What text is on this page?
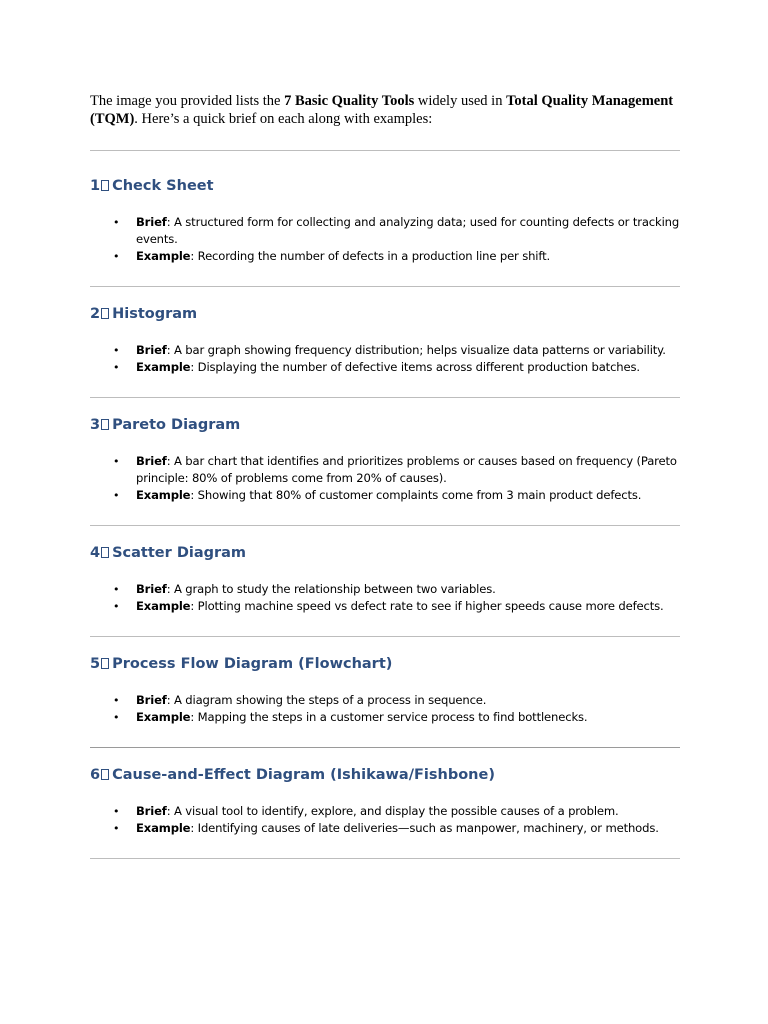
The image you provided lists the 7 Basic Quality Tools widely used in Total Quality Management (TQM). Here’s a quick brief on each along with examples:

1 Check Sheet
• Brief: A structured form for collecting and analyzing data; used for counting defects or tracking events.
• Example: Recording the number of defects in a production line per shift.
2 Histogram
• Brief: A bar graph showing frequency distribution; helps visualize data patterns or variability.
• Example: Displaying the number of defective items across different production batches.
3 Pareto Diagram
• Brief: A bar chart that identifies and prioritizes problems or causes based on frequency (Pareto principle: 80% of problems come from 20% of causes).
• Example: Showing that 80% of customer complaints come from 3 main product defects.
4 Scatter Diagram
• Brief: A graph to study the relationship between two variables.
• Example: Plotting machine speed vs defect rate to see if higher speeds cause more defects.
5 Process Flow Diagram (Flowchart)
• Brief: A diagram showing the steps of a process in sequence.
• Example: Mapping the steps in a customer service process to find bottlenecks.
6 Cause-and-Effect Diagram (Ishikawa/Fishbone)
• Brief: A visual tool to identify, explore, and display the possible causes of a problem.
• Example: Identifying causes of late deliveries—such as manpower, machinery, or methods.
